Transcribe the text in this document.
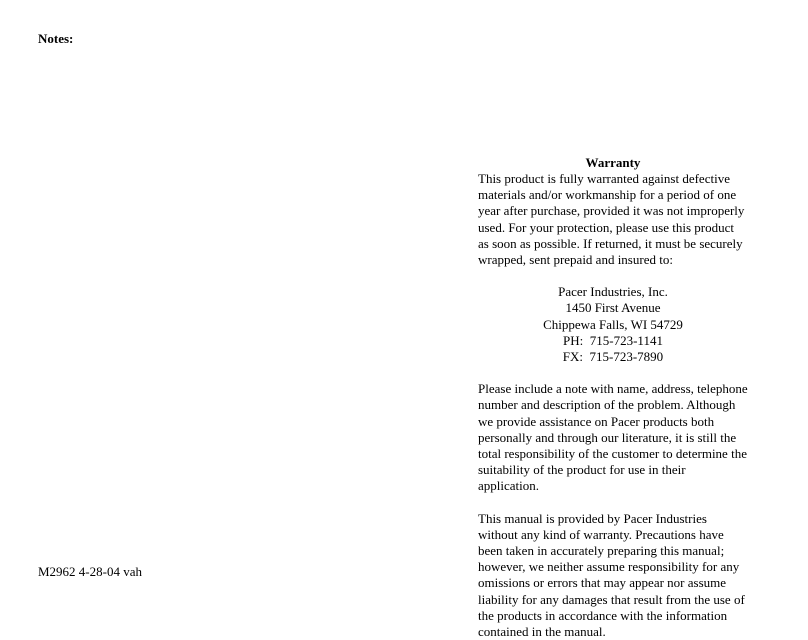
Notes:
M2962 4-28-04 vah
Warranty

This product is fully warranted against defective materials and/or workmanship for a period of one year after purchase, provided it was not improperly used. For your protection, please use this product as soon as possible. If returned, it must be securely wrapped, sent prepaid and insured to:

Pacer Industries, Inc.
1450 First Avenue
Chippewa Falls, WI 54729
PH:  715-723-1141
FX:  715-723-7890

Please include a note with name, address, telephone number and description of the problem. Although we provide assistance on Pacer products both personally and through our literature, it is still the total responsibility of the customer to determine the suitability of the product for use in their application.

This manual is provided by Pacer Industries without any kind of warranty. Precautions have been taken in accurately preparing this manual; however, we neither assume responsibility for any omissions or errors that may appear nor assume liability for any damages that result from the use of the products in accordance with the information contained in the manual.
